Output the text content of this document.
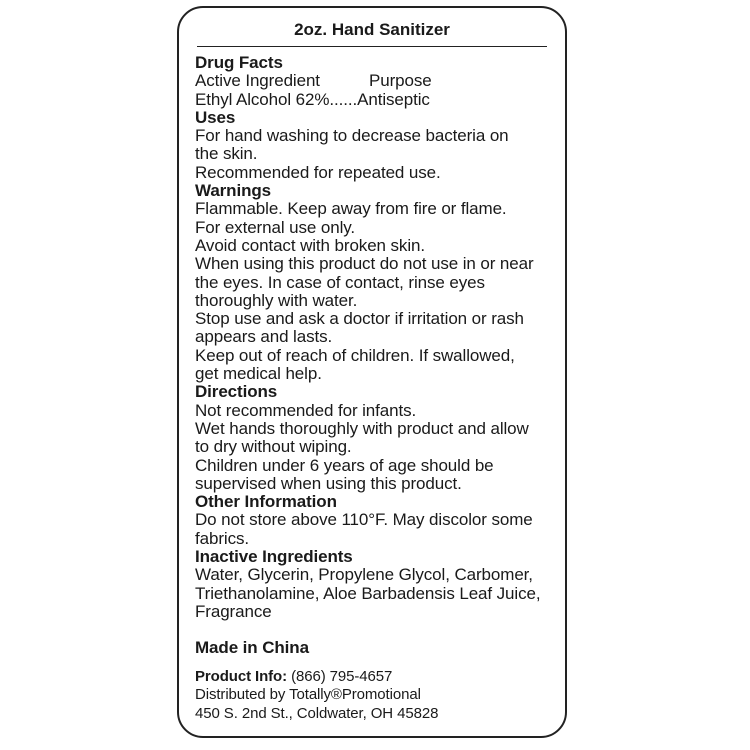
2oz. Hand Sanitizer
Drug Facts
Active Ingredient	Purpose
Ethyl Alcohol 62%...... Antiseptic
Uses
For hand washing to decrease bacteria on
the skin.
Recommended for repeated use.
Warnings
Flammable. Keep away from fire or flame.
For external use only.
Avoid contact with broken skin.
When using this product do not use in or near
the eyes. In case of contact, rinse eyes
thoroughly with water.
Stop use and ask a doctor if irritation or rash
appears and lasts.
Keep out of reach of children. If swallowed,
get medical help.
Directions
Not recommended for infants.
Wet hands thoroughly with product and allow
to dry without wiping.
Children under 6 years of age should be
supervised when using this product.
Other Information
Do not store above 110°F. May discolor some
fabrics.
Inactive Ingredients
Water, Glycerin, Propylene Glycol, Carbomer,
Triethanolamine, Aloe Barbadensis Leaf Juice,
Fragrance
Made in China
Product Info: (866) 795-4657
Distributed by Totally®Promotional
450 S. 2nd St., Coldwater, OH 45828
